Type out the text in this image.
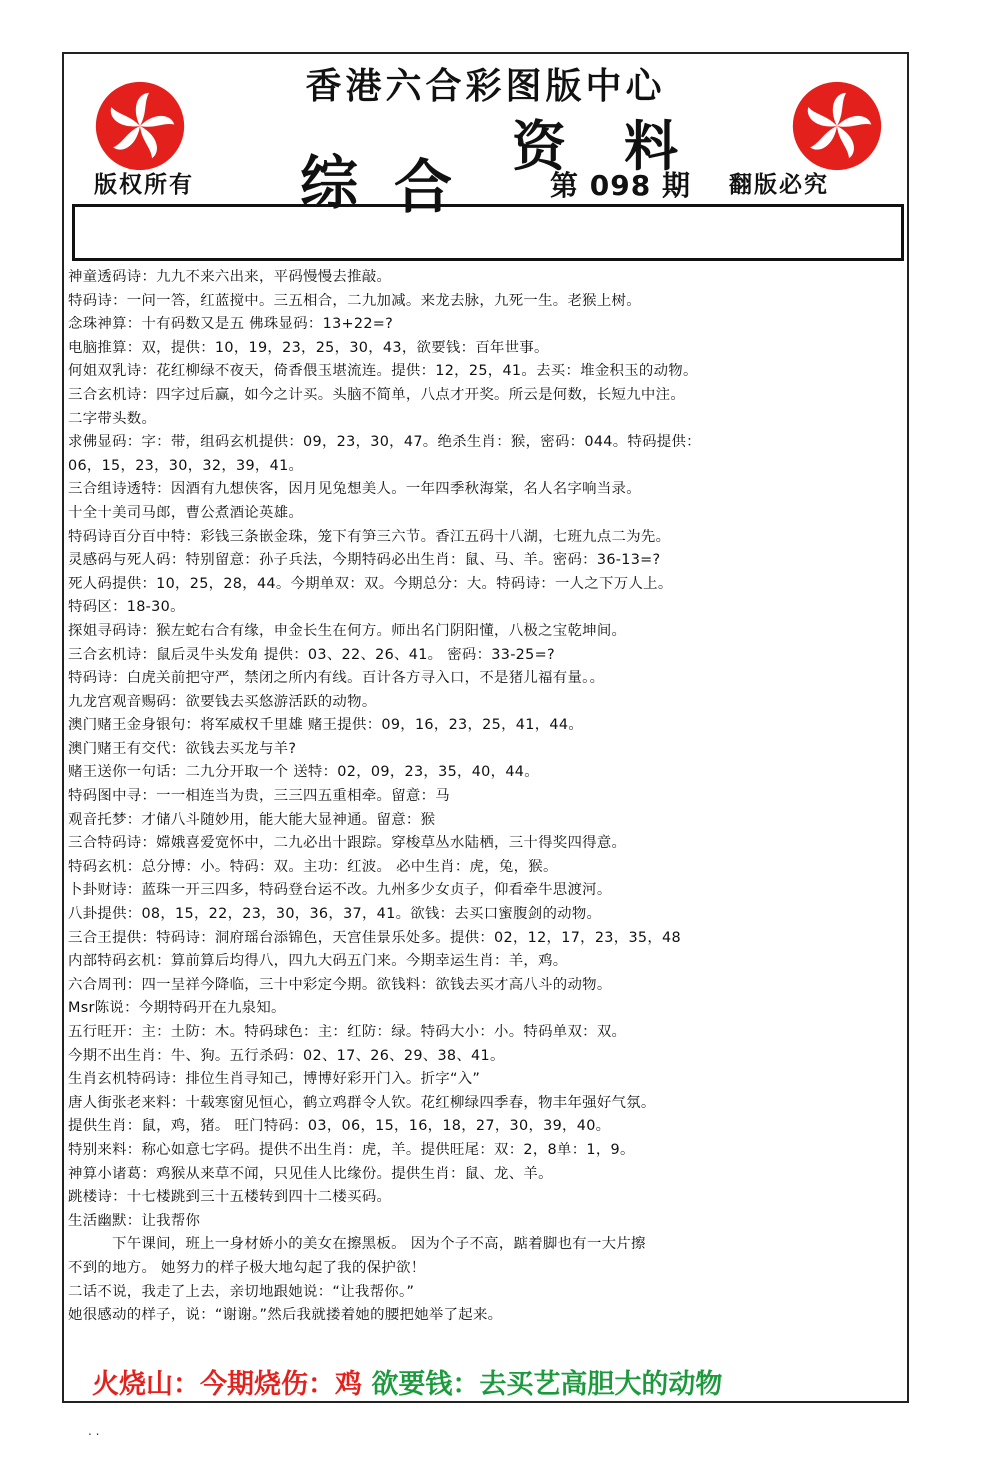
香港六合彩图版中心
版权所有	翻版必究
综 合
资 料
第 098 期
神童透码诗：九九不来六出来，平码慢慢去推敲。
特码诗：一问一答，红蓝搅中。三五相合，二九加减。来龙去脉，九死一生。老猴上树。
念珠神算：十有码数又是五 佛珠显码：13+22=?
电脑推算：双，提供：10，19，23，25，30，43，欲要钱：百年世事。
何姐双乳诗：花红柳绿不夜天，倚香偎玉堪流连。提供：12，25，41。去买：堆金积玉的动物。
三合玄机诗：四字过后赢，如今之计买。头脑不简单，八点才开奖。所云是何数，长短九中注。
二字带头数。
求佛显码：字：带，组码玄机提供：09，23，30，47。绝杀生肖：猴，密码：044。特码提供：
06，15，23，30，32，39，41。
三合组诗透特：因酒有九想侠客，因月见兔想美人。一年四季秋海棠，名人名字响当录。
十全十美司马郎，曹公煮酒论英雄。
特码诗百分百中特：彩钱三条嵌金珠，笼下有笋三六节。香江五码十八湖，七班九点二为先。
灵感码与死人码：特别留意：孙子兵法，今期特码必出生肖：鼠、马、羊。密码：36-13=?
死人码提供：10，25，28，44。今期单双：双。今期总分：大。特码诗：一人之下万人上。
特码区：18-30。
探姐寻码诗：猴左蛇右合有缘，申金长生在何方。师出名门阴阳懂，八极之宝乾坤间。
三合玄机诗：鼠后灵牛头发角 提供：03、22、26、41。 密码：33-25=?
特码诗：白虎关前把守严，禁闭之所内有线。百计各方寻入口，不是猪儿福有量。。
九龙宫观音赐码：欲要钱去买悠游活跃的动物。
澳门赌王金身银句：将军威权千里雄 赌王提供：09，16，23，25，41，44。
澳门赌王有交代：欲钱去买龙与羊?
赌王送你一句话：二九分开取一个 送特：02，09，23，35，40，44。
特码图中寻：一一相连当为贵，三三四五重相牵。留意：马
观音托梦：才储八斗随妙用，能大能大显神通。留意：猴
三合特码诗：嫦娥喜爱宽怀中，二九必出十跟踪。穿梭草丛水陆栖，三十得奖四得意。
特码玄机：总分博：小。特码：双。主功：红波。 必中生肖：虎，兔，猴。
卜卦财诗：蓝珠一开三四多，特码登台运不改。九州多少女贞子，仰看牵牛思渡河。
八卦提供：08，15，22，23，30，36，37，41。欲钱：去买口蜜腹剑的动物。
三合王提供：特码诗：洞府瑶台添锦色，天宫佳景乐处多。提供：02，12，17，23，35，48
内部特码玄机：算前算后均得八，四九大码五门来。今期幸运生肖：羊，鸡。
六合周刊：四一呈祥今降临，三十中彩定今期。欲钱料：欲钱去买才高八斗的动物。
Msr陈说：今期特码开在九泉知。
五行旺开：主：土防：木。特码球色：主：红防：绿。特码大小：小。特码单双：双。
今期不出生肖：牛、狗。五行杀码：02、17、26、29、38、41。
生肖玄机特码诗：排位生肖寻知己，博博好彩开门入。折字“入”
唐人街张老来料：十载寒窗见恒心，鹤立鸡群令人钦。花红柳绿四季春，物丰年强好气氛。
提供生肖：鼠，鸡，猪。 旺门特码：03，06，15，16，18，27，30，39，40。
特别来料：称心如意七字码。提供不出生肖：虎，羊。提供旺尾：双：2，8单：1，9。
神算小诸葛：鸡猴从来草不闻，只见佳人比缘份。提供生肖：鼠、龙、羊。
跳楼诗：十七楼跳到三十五楼转到四十二楼买码。
生活幽默：让我帮你
下午课间，班上一身材娇小的美女在擦黑板。 因为个子不高，踮着脚也有一大片擦
不到的地方。 她努力的样子极大地勾起了我的保护欲！
二话不说，我走了上去，亲切地跟她说：“让我帮你。”
她很感动的样子，说：“谢谢。”然后我就搂着她的腰把她举了起来。
火烧山：今期烧伤：鸡 欲要钱：去买艺高胆大的动物
. .
